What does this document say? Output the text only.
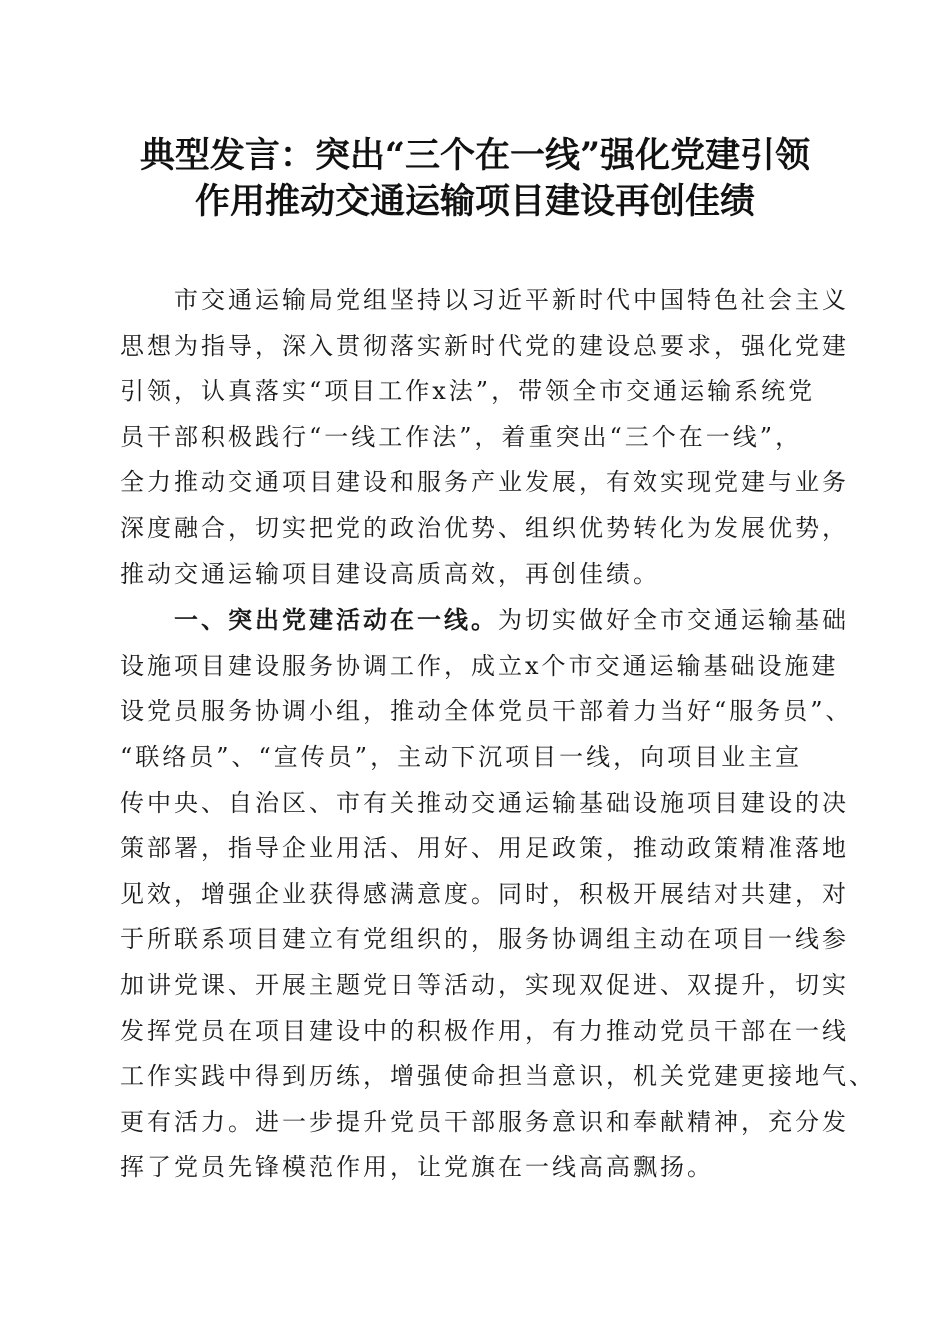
典型发言：突出“三个在一线”强化党建引领
作用推动交通运输项目建设再创佳绩

市交通运输局党组坚持以习近平新时代中国特色社会主义
思想为指导，深入贯彻落实新时代党的建设总要求，强化党建
引领，认真落实“项目工作x法”，带领全市交通运输系统党
员干部积极践行“一线工作法”，着重突出“三个在一线”，
全力推动交通项目建设和服务产业发展，有效实现党建与业务
深度融合，切实把党的政治优势、组织优势转化为发展优势，
推动交通运输项目建设高质高效，再创佳绩。

一、突出党建活动在一线。为切实做好全市交通运输基础
设施项目建设服务协调工作，成立x个市交通运输基础设施建
设党员服务协调小组，推动全体党员干部着力当好“服务员”、
“联络员”、“宣传员”，主动下沉项目一线，向项目业主宣
传中央、自治区、市有关推动交通运输基础设施项目建设的决
策部署，指导企业用活、用好、用足政策，推动政策精准落地
见效，增强企业获得感满意度。同时，积极开展结对共建，对
于所联系项目建立有党组织的，服务协调组主动在项目一线参
加讲党课、开展主题党日等活动，实现双促进、双提升，切实
发挥党员在项目建设中的积极作用，有力推动党员干部在一线
工作实践中得到历练，增强使命担当意识，机关党建更接地气、
更有活力。进一步提升党员干部服务意识和奉献精神，充分发
挥了党员先锋模范作用，让党旗在一线高高飘扬。
